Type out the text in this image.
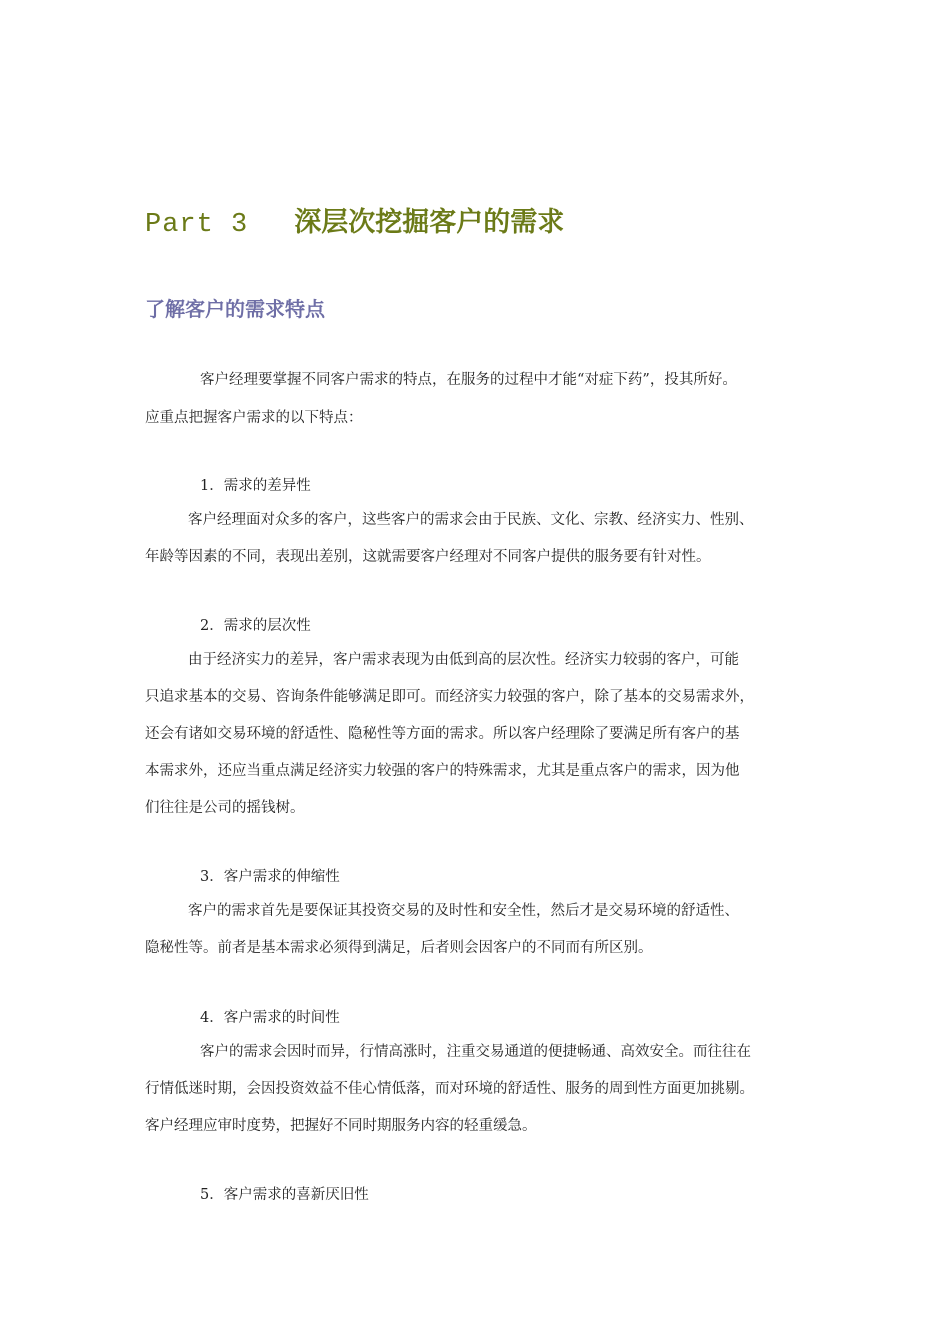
Part 3 深层次挖掘客户的需求
了解客户的需求特点
客户经理要掌握不同客户需求的特点，在服务的过程中才能“对症下药”，投其所好。
应重点把握客户需求的以下特点：
1．需求的差异性
客户经理面对众多的客户，这些客户的需求会由于民族、文化、宗教、经济实力、性别、
年龄等因素的不同，表现出差别，这就需要客户经理对不同客户提供的服务要有针对性。
2．需求的层次性
由于经济实力的差异，客户需求表现为由低到高的层次性。经济实力较弱的客户，可能
只追求基本的交易、咨询条件能够满足即可。而经济实力较强的客户，除了基本的交易需求外，
还会有诸如交易环境的舒适性、隐秘性等方面的需求。所以客户经理除了要满足所有客户的基
本需求外，还应当重点满足经济实力较强的客户的特殊需求，尤其是重点客户的需求，因为他
们往往是公司的摇钱树。
3．客户需求的伸缩性
客户的需求首先是要保证其投资交易的及时性和安全性，然后才是交易环境的舒适性、
隐秘性等。前者是基本需求必须得到满足，后者则会因客户的不同而有所区别。
4．客户需求的时间性
客户的需求会因时而异，行情高涨时，注重交易通道的便捷畅通、高效安全。而往往在
行情低迷时期，会因投资效益不佳心情低落，而对环境的舒适性、服务的周到性方面更加挑剔。
客户经理应审时度势，把握好不同时期服务内容的轻重缓急。
5．客户需求的喜新厌旧性
